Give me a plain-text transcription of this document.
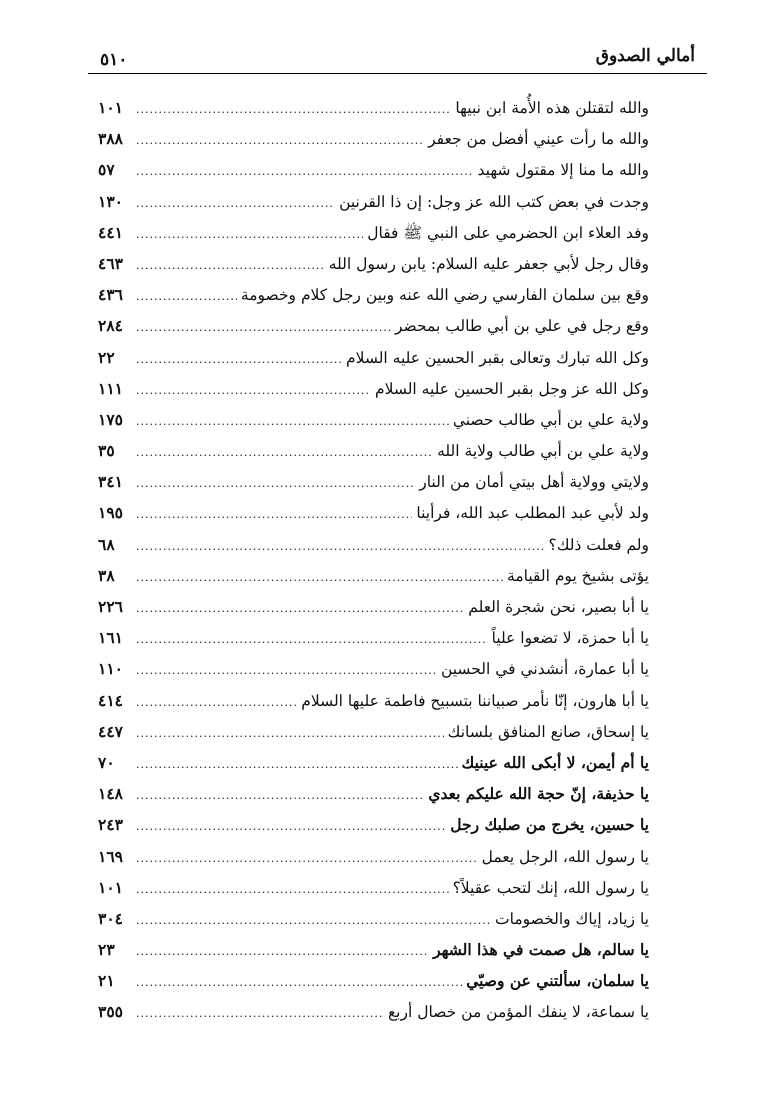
أمالي الصدوق
٥١٠
والله لتقتلن هذه الأُمة ابن نبيها
.....
١٠١
والله ما رأت عيني أفضل من جعفر
.....
٣٨٨
والله ما منا إلا مقتول شهيد
.....
٥٧
وجدت في بعض كتب الله عز وجل: إن ذا القرنين
.....
١٣٠
وفد العلاء ابن الحضرمي على النبي ﷺ فقال
.....
٤٤١
وقال رجل لأبي جعفر عليه السلام: يابن رسول الله
.....
٤٦٣
وقع بين سلمان الفارسي رضي الله عنه وبين رجل كلام وخصومة
.....
٤٣٦
وقع رجل في علي بن أبي طالب بمحضر
.....
٢٨٤
وكل الله تبارك وتعالى بقبر الحسين عليه السلام
.....
٢٢
وكل الله عز وجل بقبر الحسين عليه السلام
.....
١١١
ولاية علي بن أبي طالب حصني
.....
١٧٥
ولاية علي بن أبي طالب ولاية الله
.....
٣٥
ولايتي وولاية أهل بيتي أمان من النار
.....
٣٤١
ولد لأبي عبد المطلب عبد الله، فرأينا
.....
١٩٥
ولم فعلت ذلك؟
.....
٦٨
يؤتى بشيخ يوم القيامة
.....
٣٨
يا أبا بصير، نحن شجرة العلم
.....
٢٢٦
يا أبا حمزة، لا تضعوا علياً
.....
١٦١
يا أبا عمارة، أنشدني في الحسين
.....
١١٠
يا أبا هارون، إنّا نأمر صبياننا بتسبيح فاطمة عليها السلام
.....
٤١٤
يا إسحاق، صانع المنافق بلسانك
.....
٤٤٧
يا أم أيمن، لا أبكى الله عينيك
.....
٧٠
يا حذيفة، إنّ حجة الله عليكم بعدي
.....
١٤٨
يا حسين، يخرج من صلبك رجل
.....
٢٤٣
يا رسول الله، الرجل يعمل
.....
١٦٩
يا رسول الله، إنك لتحب عقيلاً؟
.....
١٠١
يا زياد، إياك والخصومات
.....
٣٠٤
يا سالم، هل صمت في هذا الشهر
.....
٢٣
يا سلمان، سألتني عن وصيّي
.....
٢١
يا سماعة، لا ينفك المؤمن من خصال أربع
.....
٣٥٥
